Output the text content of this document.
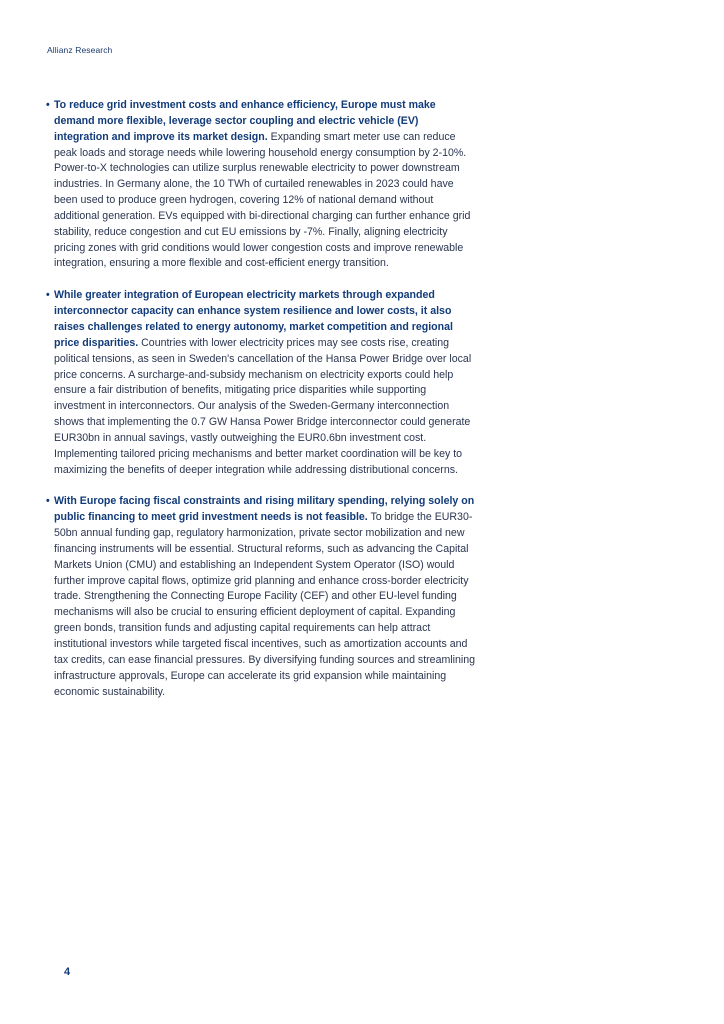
Allianz Research
• To reduce grid investment costs and enhance efficiency, Europe must make demand more flexible, leverage sector coupling and electric vehicle (EV) integration and improve its market design. Expanding smart meter use can reduce peak loads and storage needs while lowering household energy consumption by 2-10%. Power-to-X technologies can utilize surplus renewable electricity to power downstream industries. In Germany alone, the 10 TWh of curtailed renewables in 2023 could have been used to produce green hydrogen, covering 12% of national demand without additional generation. EVs equipped with bi-directional charging can further enhance grid stability, reduce congestion and cut EU emissions by -7%. Finally, aligning electricity pricing zones with grid conditions would lower congestion costs and improve renewable integration, ensuring a more flexible and cost-efficient energy transition.
• While greater integration of European electricity markets through expanded interconnector capacity can enhance system resilience and lower costs, it also raises challenges related to energy autonomy, market competition and regional price disparities. Countries with lower electricity prices may see costs rise, creating political tensions, as seen in Sweden's cancellation of the Hansa Power Bridge over local price concerns. A surcharge-and-subsidy mechanism on electricity exports could help ensure a fair distribution of benefits, mitigating price disparities while supporting investment in interconnectors. Our analysis of the Sweden-Germany interconnection shows that implementing the 0.7 GW Hansa Power Bridge interconnector could generate EUR30bn in annual savings, vastly outweighing the EUR0.6bn investment cost. Implementing tailored pricing mechanisms and better market coordination will be key to maximizing the benefits of deeper integration while addressing distributional concerns.
• With Europe facing fiscal constraints and rising military spending, relying solely on public financing to meet grid investment needs is not feasible. To bridge the EUR30-50bn annual funding gap, regulatory harmonization, private sector mobilization and new financing instruments will be essential. Structural reforms, such as advancing the Capital Markets Union (CMU) and establishing an Independent System Operator (ISO) would further improve capital flows, optimize grid planning and enhance cross-border electricity trade. Strengthening the Connecting Europe Facility (CEF) and other EU-level funding mechanisms will also be crucial to ensuring efficient deployment of capital. Expanding green bonds, transition funds and adjusting capital requirements can help attract institutional investors while targeted fiscal incentives, such as amortization accounts and tax credits, can ease financial pressures. By diversifying funding sources and streamlining infrastructure approvals, Europe can accelerate its grid expansion while maintaining economic sustainability.
4
